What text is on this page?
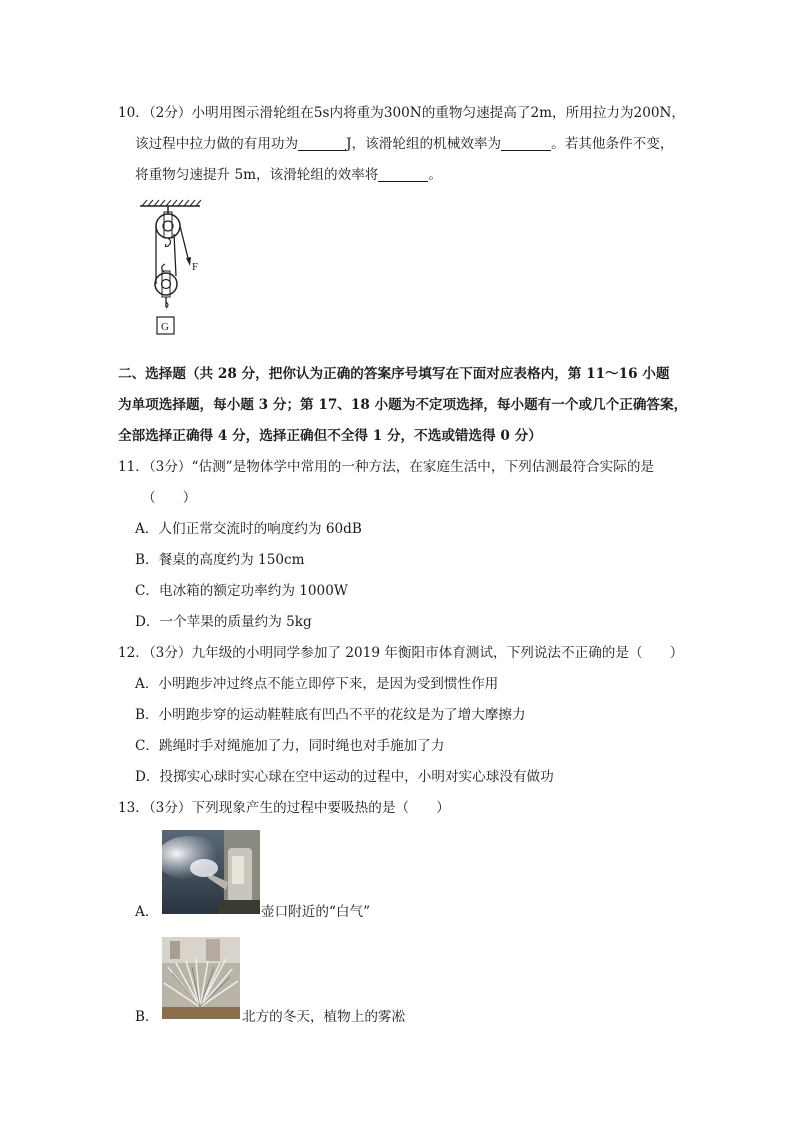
10．（2分）小明用图示滑轮组在5s内将重为300N的重物匀速提高了2m，所用拉力为200N，
该过程中拉力做的有用功为	J，该滑轮组的机械效率为	。若其他条件不变，
将重物匀速提升 5m，该滑轮组的效率将	。
F
G
二、选择题（共 28 分，把你认为正确的答案序号填写在下面对应表格内，第 11～16 小题
为单项选择题，每小题 3 分；第 17、18 小题为不定项选择，每小题有一个或几个正确答案，
全部选择正确得 4 分，选择正确但不全得 1 分，不选或错选得 0 分）
11．（3分）“估测”是物体学中常用的一种方法，在家庭生活中，下列估测最符合实际的是
（　　）
A．人们正常交流时的响度约为 60dB
B．餐桌的高度约为 150cm
C．电冰箱的额定功率约为 1000W
D．一个苹果的质量约为 5kg
12．（3分）九年级的小明同学参加了 2019 年衡阳市体育测试，下列说法不正确的是（　　）
A．小明跑步冲过终点不能立即停下来，是因为受到惯性作用
B．小明跑步穿的运动鞋鞋底有凹凸不平的花纹是为了增大摩擦力
C．跳绳时手对绳施加了力，同时绳也对手施加了力
D．投掷实心球时实心球在空中运动的过程中，小明对实心球没有做功
13．（3分）下列现象产生的过程中要吸热的是（　　）
A．	壶口附近的“白气”
B．	北方的冬天，植物上的雾凇
